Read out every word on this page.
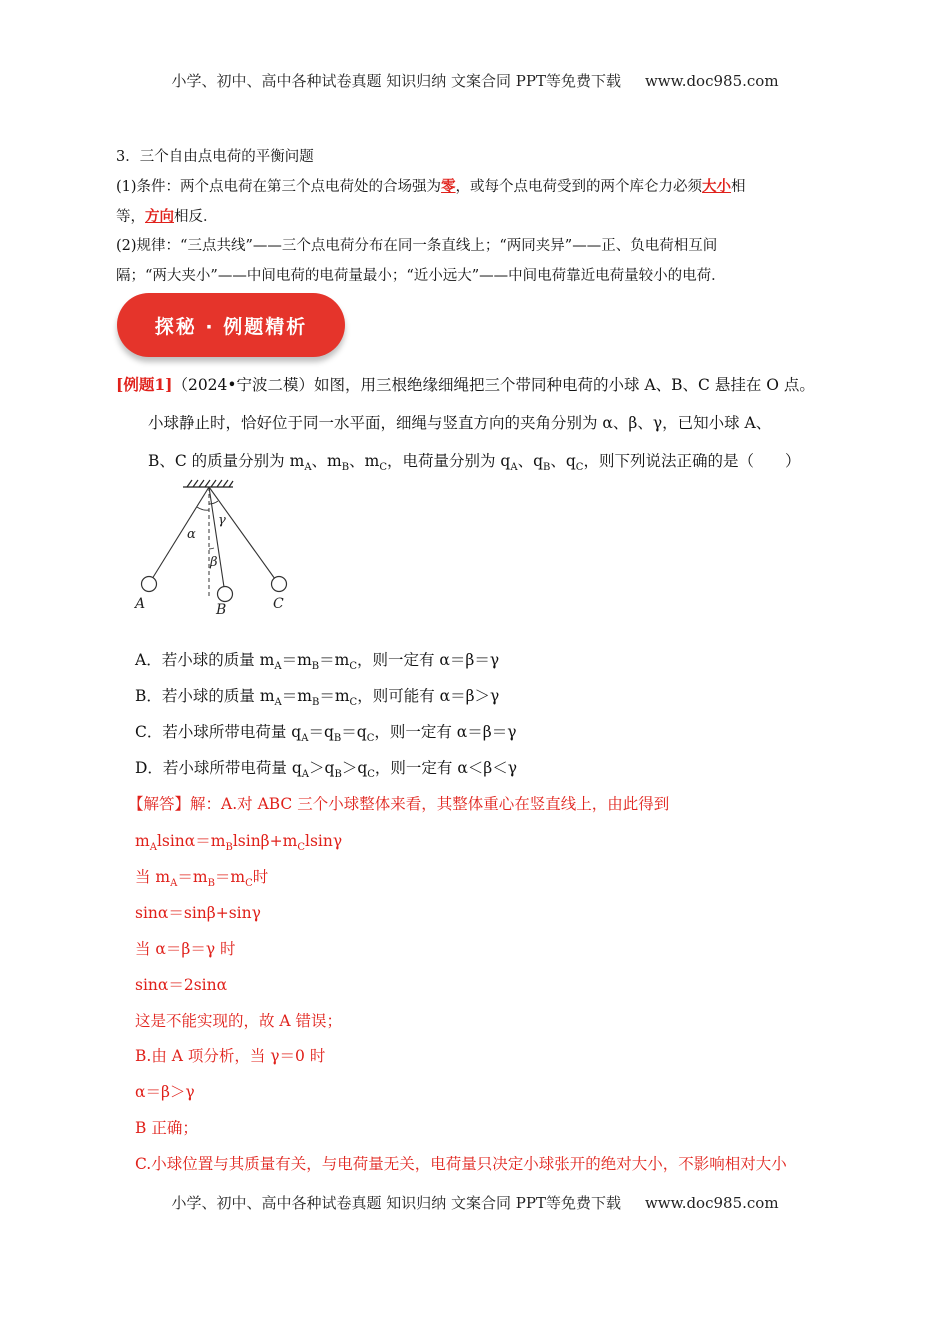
小学、初中、高中各种试卷真题 知识归纳 文案合同 PPT等免费下载 www.doc985.com
3．三个自由点电荷的平衡问题
(1)条件：两个点电荷在第三个点电荷处的合场强为零，或每个点电荷受到的两个库仑力必须大小相
等，方向相反．
(2)规律：“三点共线”——三个点电荷分布在同一条直线上；“两同夹异”——正、负电荷相互间
隔；“两大夹小”——中间电荷的电荷量最小；“近小远大”——中间电荷靠近电荷量较小的电荷．
探秘 · 例题精析
[例题1]（2024•宁波二模）如图，用三根绝缘细绳把三个带同种电荷的小球 A、B、C 悬挂在 O 点。
小球静止时，恰好位于同一水平面，细绳与竖直方向的夹角分别为 α、β、γ，已知小球 A、
B、C 的质量分别为 $m_A$、$m_B$、$m_C$，电荷量分别为 $q_A$、$q_B$、$q_C$，则下列说法正确的是（　　）
α
γ
β
A	B	C
A．若小球的质量 $m_A=m_B=m_C$，则一定有 α＝β＝γ
B．若小球的质量 $m_A=m_B=m_C$，则可能有 α＝β＞γ
C．若小球所带电荷量 $q_A=q_B=q_C$，则一定有 α＝β＝γ
D．若小球所带电荷量 $q_A>q_B>q_C$，则一定有 α＜β＜γ
【解答】解：A.对 ABC 三个小球整体来看，其整体重心在竖直线上，由此得到
$m_Alsin\alpha=m_Blsin\beta+m_Clsin\gamma$
当 $m_A=m_B=m_C$时
sinα＝sinβ+sinγ
当 α＝β＝γ 时
sinα＝2sinα
这是不能实现的，故 A 错误；
B.由 A 项分析，当 γ＝0 时
α＝β＞γ
B 正确；
C.小球位置与其质量有关，与电荷量无关，电荷量只决定小球张开的绝对大小，不影响相对大小
小学、初中、高中各种试卷真题 知识归纳 文案合同 PPT等免费下载 www.doc985.com
